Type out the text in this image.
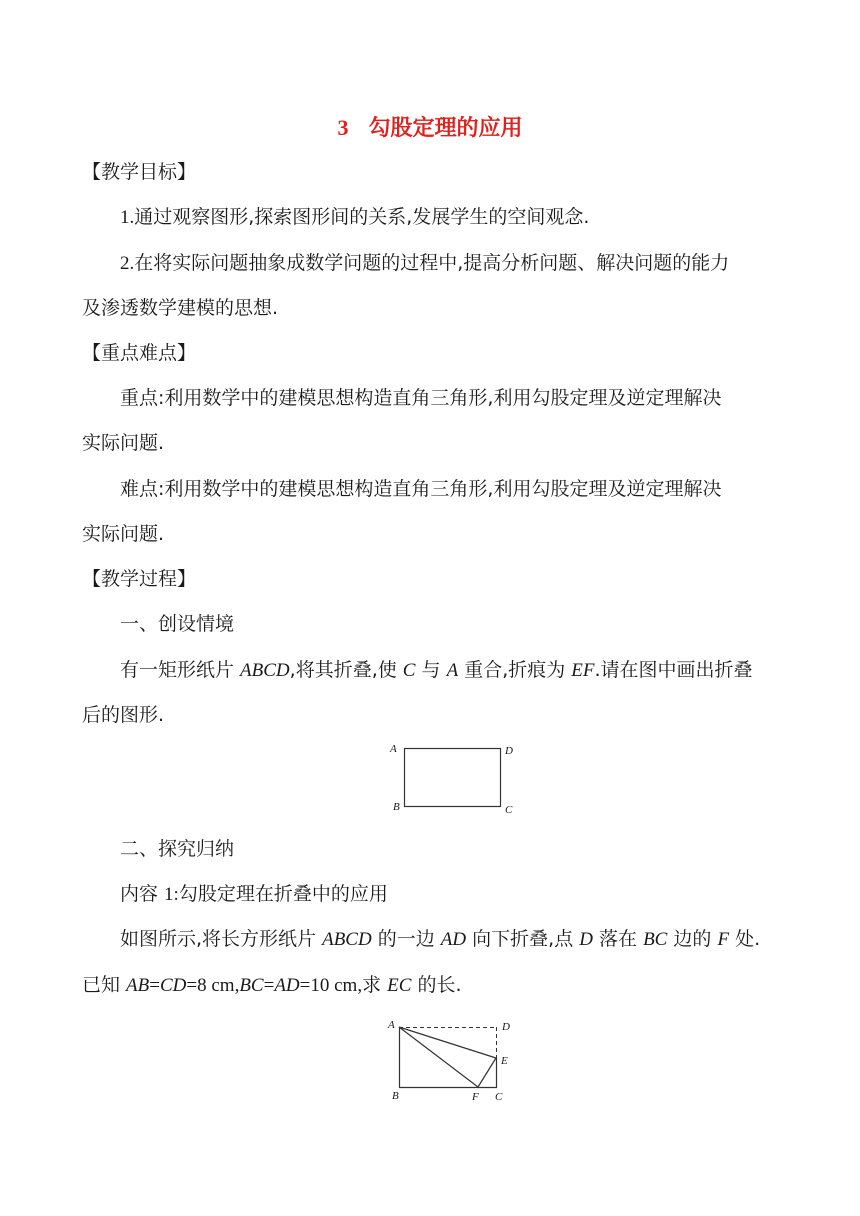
3 勾股定理的应用
【教学目标】
1.通过观察图形,探索图形间的关系,发展学生的空间观念.
2.在将实际问题抽象成数学问题的过程中,提高分析问题、解决问题的能力
及渗透数学建模的思想.
【重点难点】
重点:利用数学中的建模思想构造直角三角形,利用勾股定理及逆定理解决
实际问题.
难点:利用数学中的建模思想构造直角三角形,利用勾股定理及逆定理解决
实际问题.
【教学过程】
一、创设情境
有一矩形纸片 ABCD,将其折叠,使 C 与 A 重合,折痕为 EF.请在图中画出折叠
后的图形.
A	D
B	C
二、探究归纳
内容 1:勾股定理在折叠中的应用
如图所示,将长方形纸片 ABCD 的一边 AD 向下折叠,点 D 落在 BC 边的 F 处.
已知 AB=CD=8 cm,BC=AD=10 cm,求 EC 的长.
A	D
E
B	F C
